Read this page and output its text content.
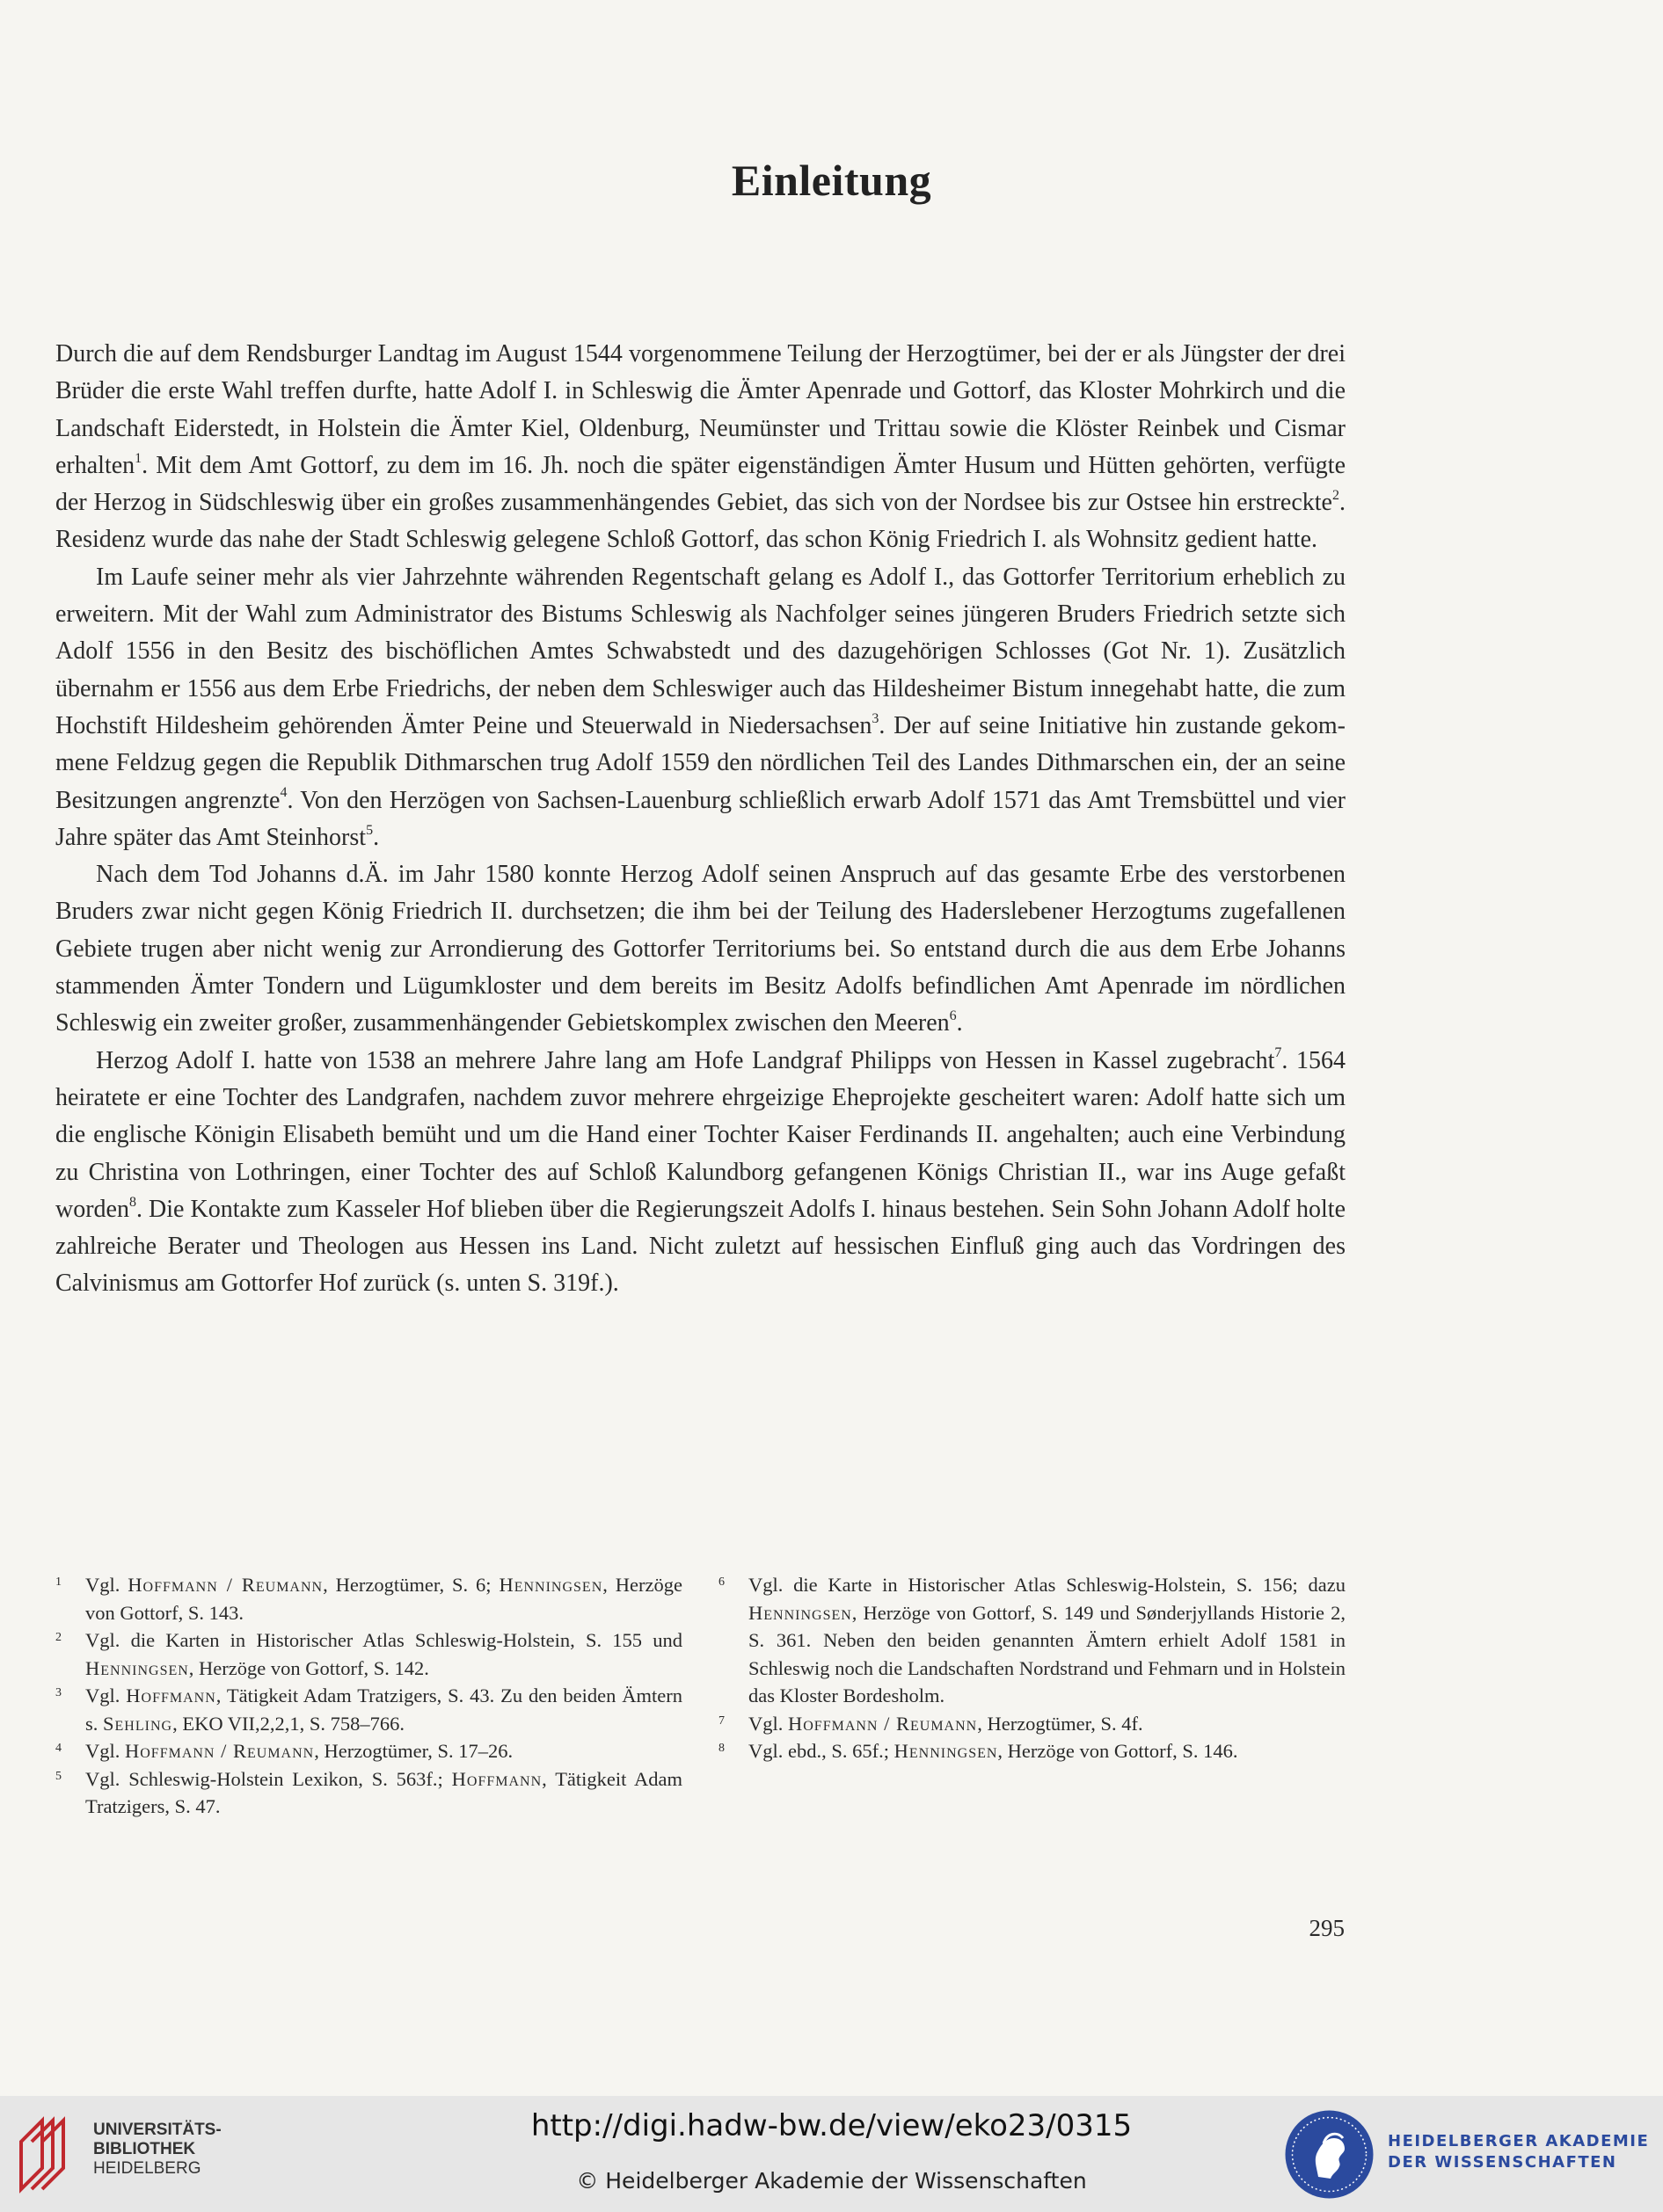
Einleitung

Durch die auf dem Rendsburger Landtag im August 1544 vorgenommene Teilung der Herzogtümer, bei der er als Jüngster der drei Brüder die erste Wahl treffen durfte, hatte Adolf I. in Schleswig die Ämter Apenrade und Gottorf, das Kloster Mohrkirch und die Landschaft Eiderstedt, in Holstein die Ämter Kiel, Oldenburg, Neumünster und Trittau sowie die Klöster Reinbek und Cismar erhalten$^1$. Mit dem Amt Gottorf, zu dem im 16. Jh. noch die später eigenständigen Ämter Husum und Hütten gehörten, verfügte der Herzog in Südschleswig über ein großes zusammenhängendes Gebiet, das sich von der Nordsee bis zur Ostsee hin erstreckte$^2$. Residenz wurde das nahe der Stadt Schleswig gelegene Schloß Gottorf, das schon König Friedrich I. als Wohnsitz gedient hatte.

Im Laufe seiner mehr als vier Jahrzehnte währenden Regentschaft gelang es Adolf I., das Gottorfer Territorium erheblich zu erweitern. Mit der Wahl zum Administrator des Bistums Schleswig als Nachfolger seines jüngeren Bruders Friedrich setzte sich Adolf 1556 in den Besitz des bischöflichen Amtes Schwabstedt und des dazugehörigen Schlosses (Got Nr. 1). Zusätzlich übernahm er 1556 aus dem Erbe Friedrichs, der neben dem Schleswiger auch das Hildesheimer Bistum innegehabt hatte, die zum Hochstift Hildesheim gehörenden Ämter Peine und Steuerwald in Niedersachsen$^3$. Der auf seine Initiative hin zustande gekommene Feldzug gegen die Republik Dithmarschen trug Adolf 1559 den nördlichen Teil des Landes Dithmarschen ein, der an seine Besitzungen angrenzte$^4$. Von den Herzögen von Sachsen-Lauenburg schließlich erwarb Adolf 1571 das Amt Tremsbüttel und vier Jahre später das Amt Steinhorst$^5$.

Nach dem Tod Johanns d.Ä. im Jahr 1580 konnte Herzog Adolf seinen Anspruch auf das gesamte Erbe des verstorbenen Bruders zwar nicht gegen König Friedrich II. durchsetzen; die ihm bei der Teilung des Haderslebener Herzogtums zugefallenen Gebiete trugen aber nicht wenig zur Arrondierung des Gottorfer Territoriums bei. So entstand durch die aus dem Erbe Johanns stammenden Ämter Tondern und Lügumkloster und dem bereits im Besitz Adolfs befindlichen Amt Apenrade im nördlichen Schleswig ein zweiter großer, zusammenhängender Gebietskomplex zwischen den Meeren$^6$.

Herzog Adolf I. hatte von 1538 an mehrere Jahre lang am Hofe Landgraf Philipps von Hessen in Kassel zugebracht$^7$. 1564 heiratete er eine Tochter des Landgrafen, nachdem zuvor mehrere ehrgeizige Eheprojekte gescheitert waren: Adolf hatte sich um die englische Königin Elisabeth bemüht und um die Hand einer Tochter Kaiser Ferdinands II. angehalten; auch eine Verbindung zu Christina von Lothringen, einer Tochter des auf Schloß Kalundborg gefangenen Königs Christian II., war ins Auge gefaßt worden$^8$. Die Kontakte zum Kasseler Hof blieben über die Regierungszeit Adolfs I. hinaus bestehen. Sein Sohn Johann Adolf holte zahlreiche Berater und Theologen aus Hessen ins Land. Nicht zuletzt auf hessischen Einfluß ging auch das Vordringen des Calvinismus am Gottorfer Hof zurück (s. unten S. 319f.).

1 Vgl. Hoffmann / Reumann, Herzogtümer, S. 6; Henningsen, Herzöge von Gottorf, S. 143.
2 Vgl. die Karten in Historischer Atlas Schleswig-Holstein, S. 155 und Henningsen, Herzöge von Gottorf, S. 142.
3 Vgl. Hoffmann, Tätigkeit Adam Tratzigers, S. 43. Zu den beiden Ämtern s. Sehling, EKO VII,2,2,1, S. 758–766.
4 Vgl. Hoffmann / Reumann, Herzogtümer, S. 17–26.
5 Vgl. Schleswig-Holstein Lexikon, S. 563f.; Hoffmann, Tätigkeit Adam Tratzigers, S. 47.
6 Vgl. die Karte in Historischer Atlas Schleswig-Holstein, S. 156; dazu Henningsen, Herzöge von Gottorf, S. 149 und Sønderjyllands Historie 2, S. 361. Neben den beiden genannten Ämtern erhielt Adolf 1581 in Schleswig noch die Landschaften Nordstrand und Fehmarn und in Holstein das Kloster Bordesholm.
7 Vgl. Hoffmann / Reumann, Herzogtümer, S. 4f.
8 Vgl. ebd., S. 65f.; Henningsen, Herzöge von Gottorf, S. 146.
295
UNIVERSITÄTS-
BIBLIOTHEK
HEIDELBERG
http://digi.hadw-bw.de/view/eko23/0315
© Heidelberger Akademie der Wissenschaften
HEIDELBERGER AKADEMIE
DER WISSENSCHAFTEN
